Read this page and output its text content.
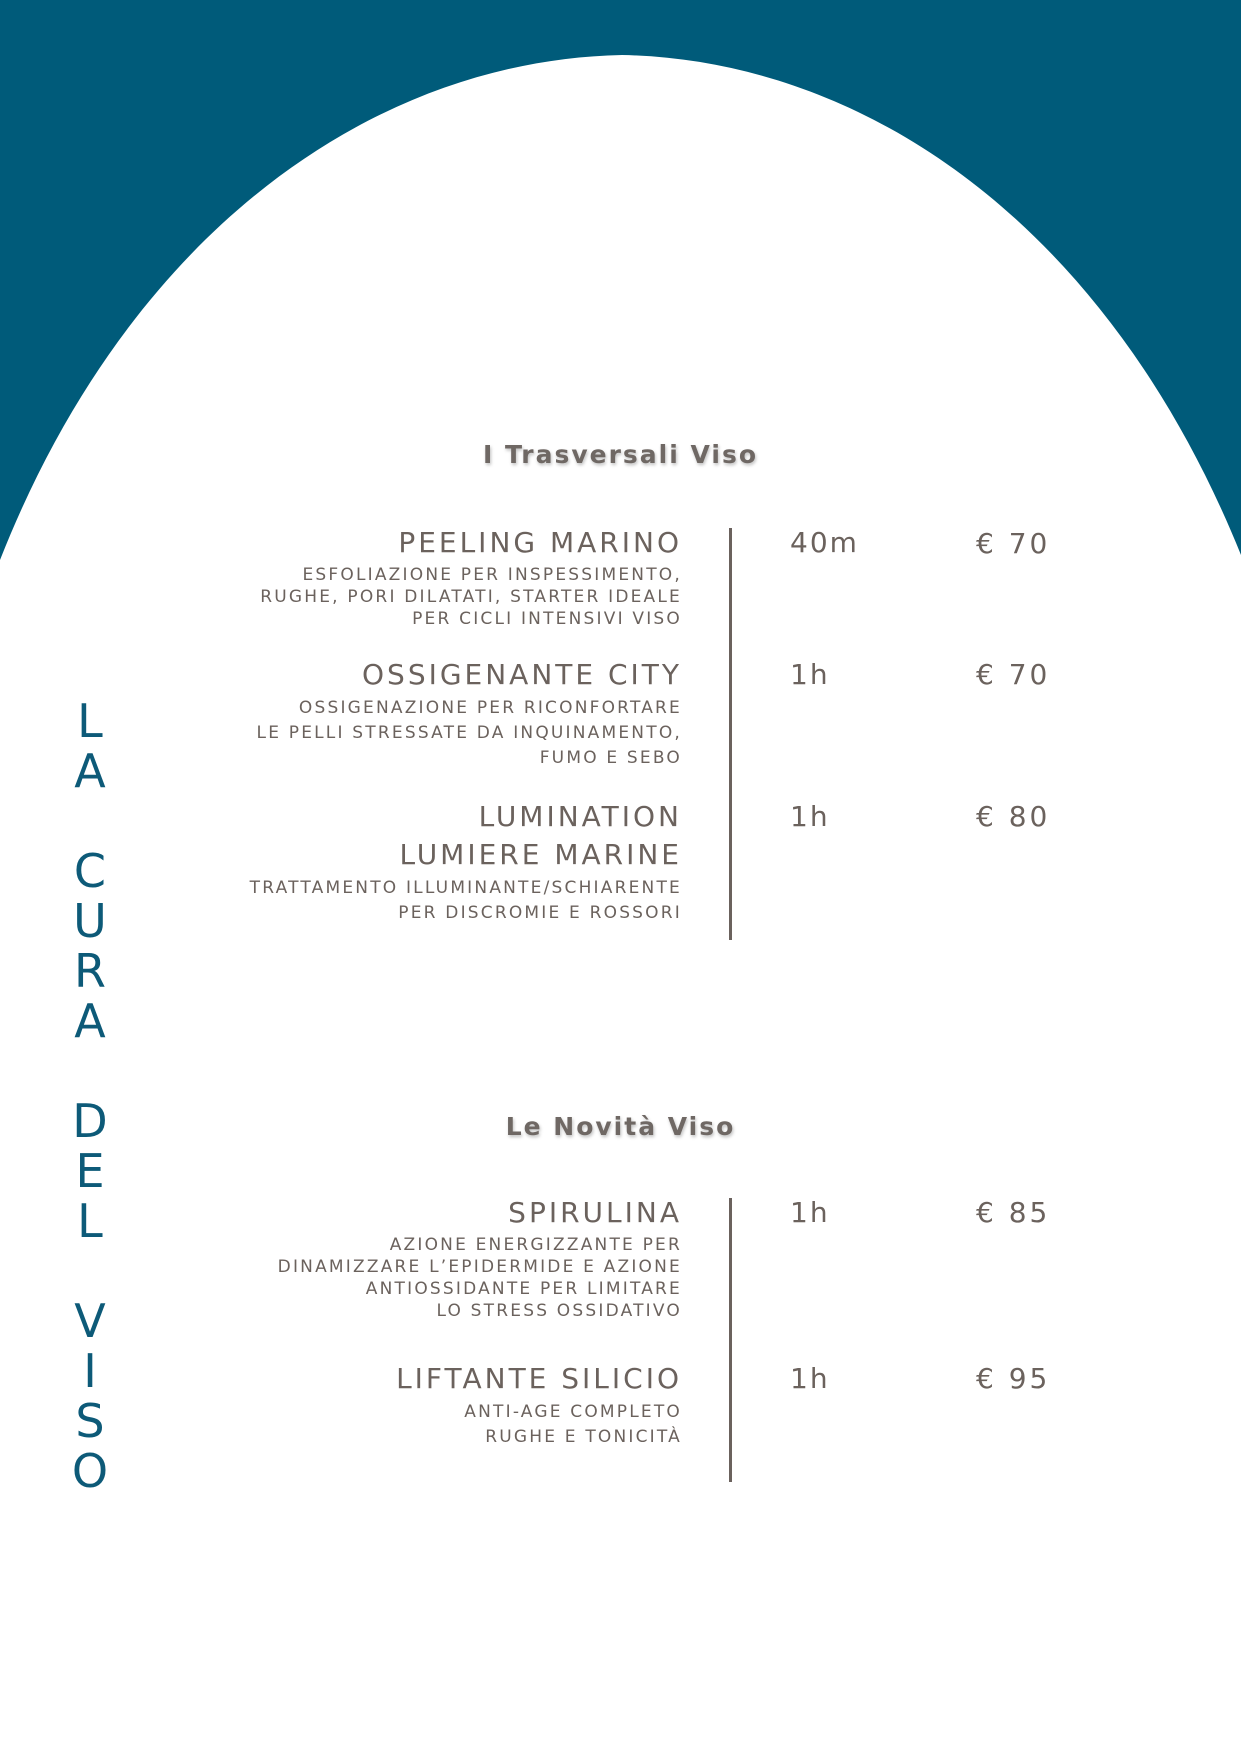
L
A
C
U
R
A
D
E
L
V
I
S
O
I Trasversali Viso
PEELING MARINO
ESFOLIAZIONE PER INSPESSIMENTO,
RUGHE, PORI DILATATI, STARTER IDEALE
PER CICLI INTENSIVI VISO
40m	€ 70
OSSIGENANTE CITY
OSSIGENAZIONE PER RICONFORTARE
LE PELLI STRESSATE DA INQUINAMENTO,
FUMO E SEBO
1h	€ 70
LUMINATION
LUMIERE MARINE
TRATTAMENTO ILLUMINANTE/SCHIARENTE
PER DISCROMIE E ROSSORI
1h	€ 80
Le Novità Viso
SPIRULINA
AZIONE ENERGIZZANTE PER
DINAMIZZARE L’EPIDERMIDE E AZIONE
ANTIOSSIDANTE PER LIMITARE
LO STRESS OSSIDATIVO
1h	€ 85
LIFTANTE SILICIO
ANTI-AGE COMPLETO
RUGHE E TONICITÀ
1h	€ 95
